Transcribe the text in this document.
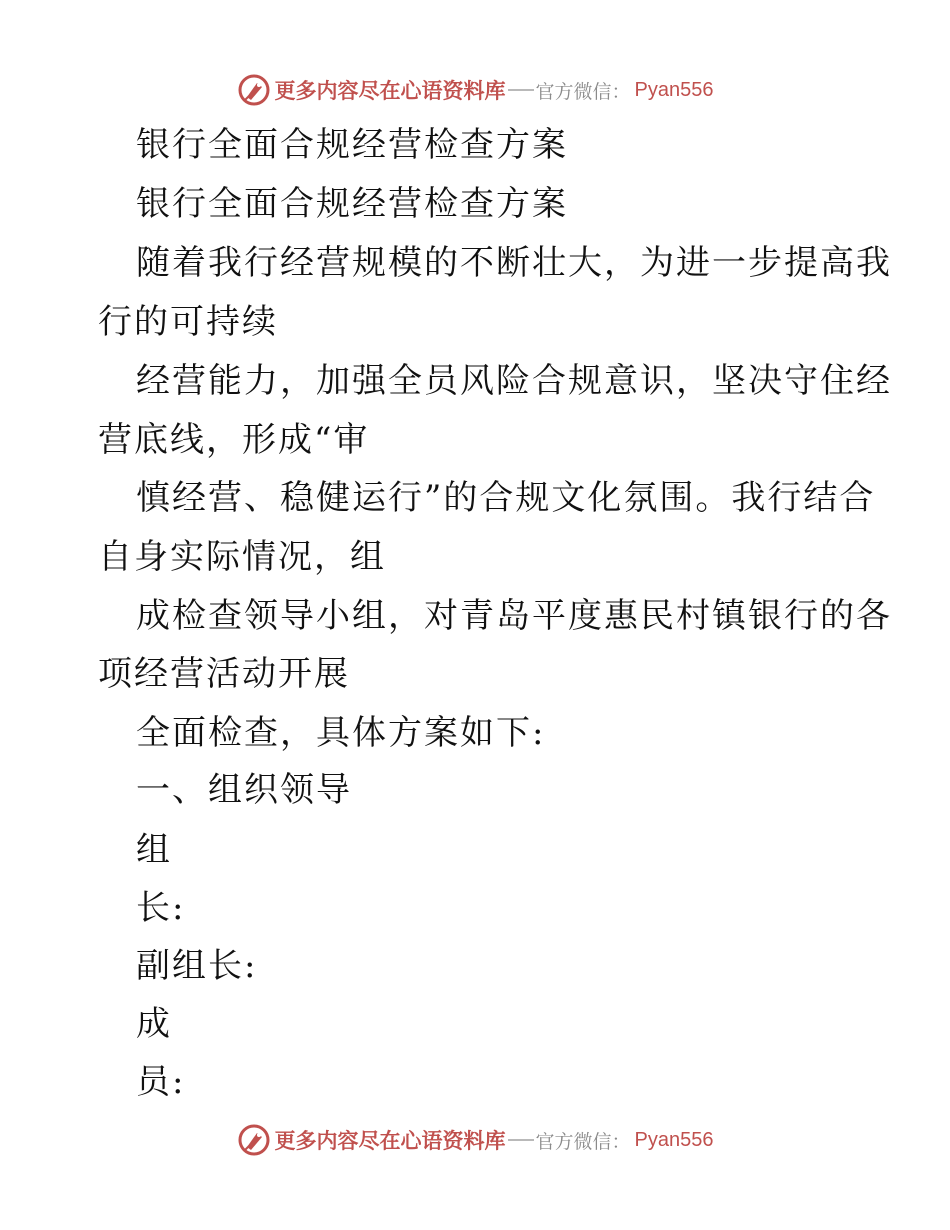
更多内容尽在心语资料库 官方微信： Pyan556
银行全面合规经营检查方案
银行全面合规经营检查方案
随着我行经营规模的不断壮大，为进一步提高我
行的可持续
经营能力，加强全员风险合规意识，坚决守住经
营底线，形成“审
慎经营、稳健运行”的合规文化氛围。我行结合
自身实际情况，组
成检查领导小组，对青岛平度惠民村镇银行的各
项经营活动开展
全面检查，具体方案如下:
一、组织领导
组
长:
副组长:
成
员:
更多内容尽在心语资料库 官方微信： Pyan556
